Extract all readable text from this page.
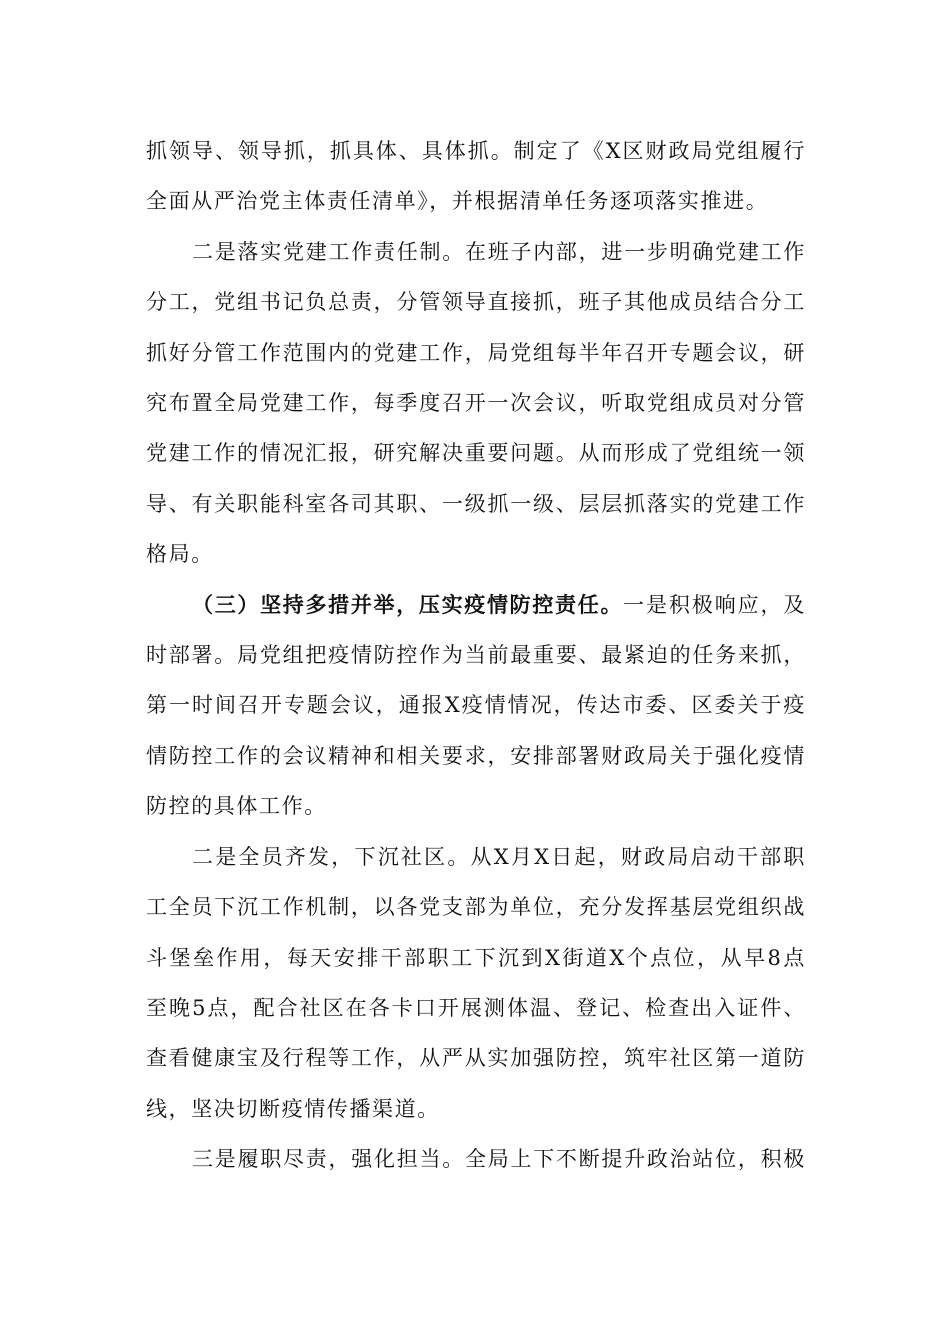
抓领导、领导抓，抓具体、具体抓。制定了《X区财政局党组履行
全面从严治党主体责任清单》，并根据清单任务逐项落实推进。

二是落实党建工作责任制。在班子内部，进一步明确党建工作
分工，党组书记负总责，分管领导直接抓，班子其他成员结合分工
抓好分管工作范围内的党建工作，局党组每半年召开专题会议，研
究布置全局党建工作，每季度召开一次会议，听取党组成员对分管
党建工作的情况汇报，研究解决重要问题。从而形成了党组统一领
导、有关职能科室各司其职、一级抓一级、层层抓落实的党建工作
格局。

（三）坚持多措并举，压实疫情防控责任。一是积极响应，及
时部署。局党组把疫情防控作为当前最重要、最紧迫的任务来抓，
第一时间召开专题会议，通报X疫情情况，传达市委、区委关于疫
情防控工作的会议精神和相关要求，安排部署财政局关于强化疫情
防控的具体工作。

二是全员齐发，下沉社区。从X月X日起，财政局启动干部职
工全员下沉工作机制，以各党支部为单位，充分发挥基层党组织战
斗堡垒作用，每天安排干部职工下沉到X街道X个点位，从早8点
至晚5点，配合社区在各卡口开展测体温、登记、检查出入证件、
查看健康宝及行程等工作，从严从实加强防控，筑牢社区第一道防
线，坚决切断疫情传播渠道。

三是履职尽责，强化担当。全局上下不断提升政治站位，积极
